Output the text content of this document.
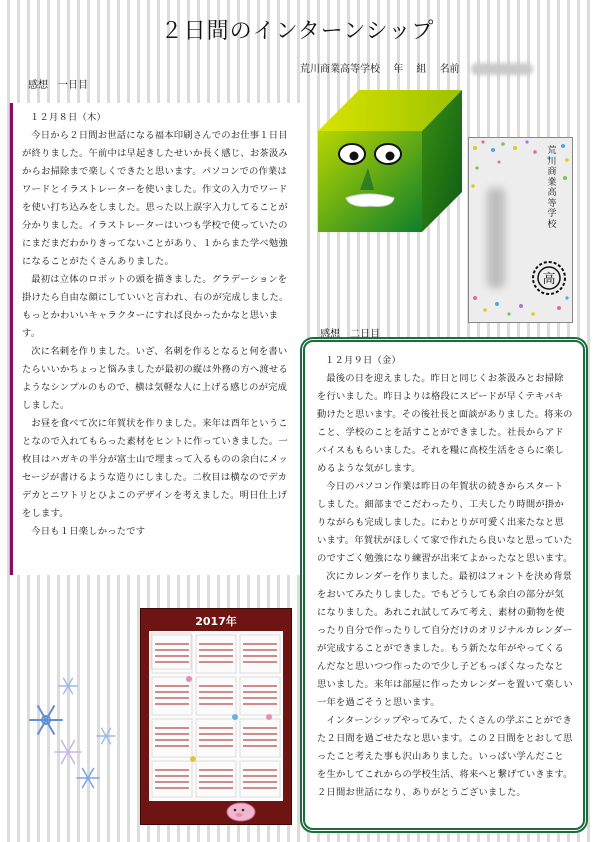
２日間のインターンシップ
荒川商業高等学校 年 組 名前
感想　一日目

１２月８日（木）

今日から２日間お世話になる福本印刷さんでのお仕事１日目が終りました。午前中は早起きしたせいか長く感じ、お茶汲みからお掃除まで楽しくできたと思います。パソコンでの作業はワードとイラストレーターを使いました。作文の入力でワードを使い打ち込みをしました。思った以上誤字入力してることが分かりました。イラストレーターはいつも学校で使っていたのにまだまだわかりきってないことがあり、１からまた学べ勉強になることがたくさんありました。

最初は立体のロボットの頭を描きました。グラデーションを掛けたら自由な顔にしていいと言われ、右のが完成しました。もっとかわいいキャラクターにすれば良かったかなと思います。

次に名刺を作りました。いざ、名刺を作るとなると何を書いたらいいかちょっと悩みましたが最初の縦は外務の方へ渡せるようなシンプルのもので、横は気軽な人に上げる感じのが完成しました。

お昼を食べて次に年賀状を作りました。来年は酉年ということなので入れてもらった素材をヒントに作っていきました。一枚目はハガキの半分が富士山で埋まって入るものの余白にメッセージが書けるような造りにしました。二枚目は横なのでデカデカとニワトリとひよこのデザインを考えました。明日仕上げをします。

今日も１日楽しかったです

荒川商業高等学校
高
感想　二日目

１２月９日（金）

最後の日を迎えました。昨日と同じくお茶汲みとお掃除を行いました。昨日よりは格段にスピードが早くテキパキ動けたと思います。その後社長と面談がありました。将来のこと、学校のことを話すことができました。社長からアドバイスももらいました。それを糧に高校生活をさらに楽しめるような気がします。

今日のパソコン作業は昨日の年賀状の続きからスタートしました。細部までこだわったり、工夫したり時間が掛かりながらも完成しました。にわとりが可愛く出来たなと思います。年賀状がほしくて家で作れたら良いなと思っていたのですごく勉強になり練習が出来てよかったなと思います。

次にカレンダーを作りました。最初はフォントを決め背景をおいてみたりしました。でもどうしても余白の部分が気になりました。あれこれ試してみて考え、素材の動物を使ったり自分で作ったりして自分だけのオリジナルカレンダーが完成することができました。もう新たな年がやってくるんだなと思いつつ作ったので少し子どもっぽくなったなと思いました。来年は部屋に作ったカレンダーを置いて楽しい一年を過ごそうと思います。

インターンシップやってみて、たくさんの学ぶことができた２日間を過ごせたなと思います。この２日間をとおして思ったこと考えた事も沢山ありました。いっぱい学んだことを生かしてこれからの学校生活、将来へと繋げていきます。２日間お世話になり、ありがとうございました。

2017年
